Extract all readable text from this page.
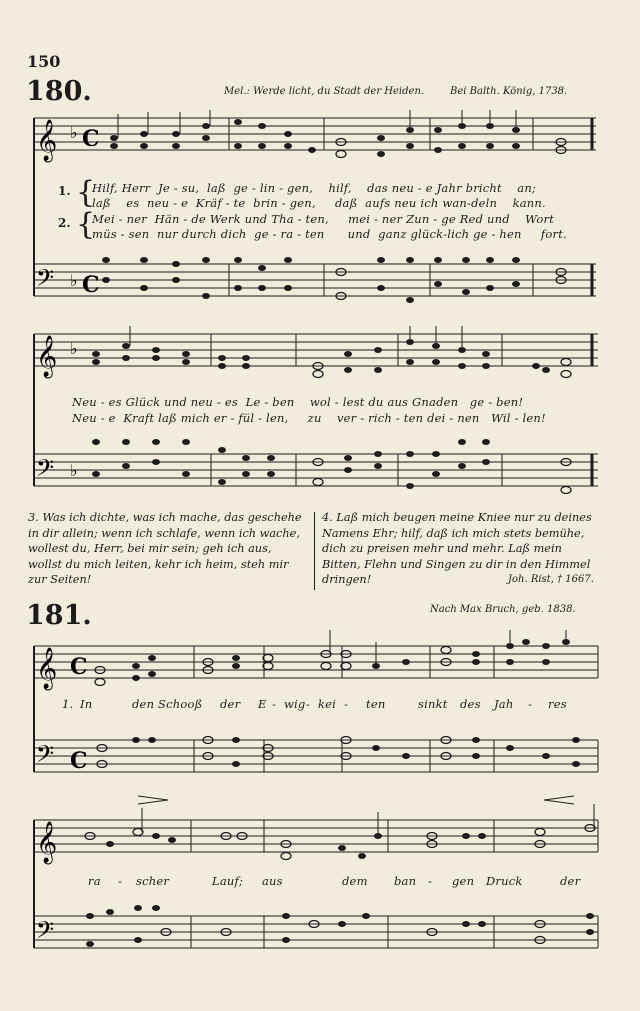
150
180.	Mel.: Werde licht, du Stadt der Heiden.	Bei Balth. König, 1738.
𝄞
𝄢
♭
♭
C
C
1.
2.
{
{
Hilf, Herr  Je - su,  laß  ge - lin - gen,    hilf,    das neu - e Jahr bricht    an;
laß    es  neu - e  Kräf - te  brin - gen,     daß  aufs neu ich wan-deln    kann.
Mei - ner  Hän - de Werk und Tha - ten,     mei - ner Zun - ge Red und    Wort
müs - sen  nur durch dich  ge - ra - ten      und  ganz glück-lich ge - hen     fort.
𝄞
𝄢
♭
♭
Neu - es Glück und neu - es  Le - ben    wol - lest du aus Gnaden   ge - ben!
Neu - e  Kraft laß mich er - fül - len,     zu    ver - rich - ten dei - nen   Wil - len!
3. Was ich dichte, was ich mache, das geschehe in dir allein; wenn ich schlafe, wenn ich wache, wollest du, Herr, bei mir sein; geh ich aus, wollst du mich leiten, kehr ich heim, steh mir zur Seiten!
4. Laß mich beugen meine Kniee nur zu deines Namens Ehr; hilf, daß ich mich stets bemühe, dich zu preisen mehr und mehr. Laß mein Bitten, Flehn und Singen zu dir in den Himmel dringen!	Joh. Rist, † 1667.
181.	Nach Max Bruch, geb. 1838.
𝄞
𝄢
C
C
1. In	den Schooß der E - wig - kei - ten	sinkt des Jah - res
𝄞
𝄢
ra - scher	Lauf; aus	dem ban - gen Druck	der
